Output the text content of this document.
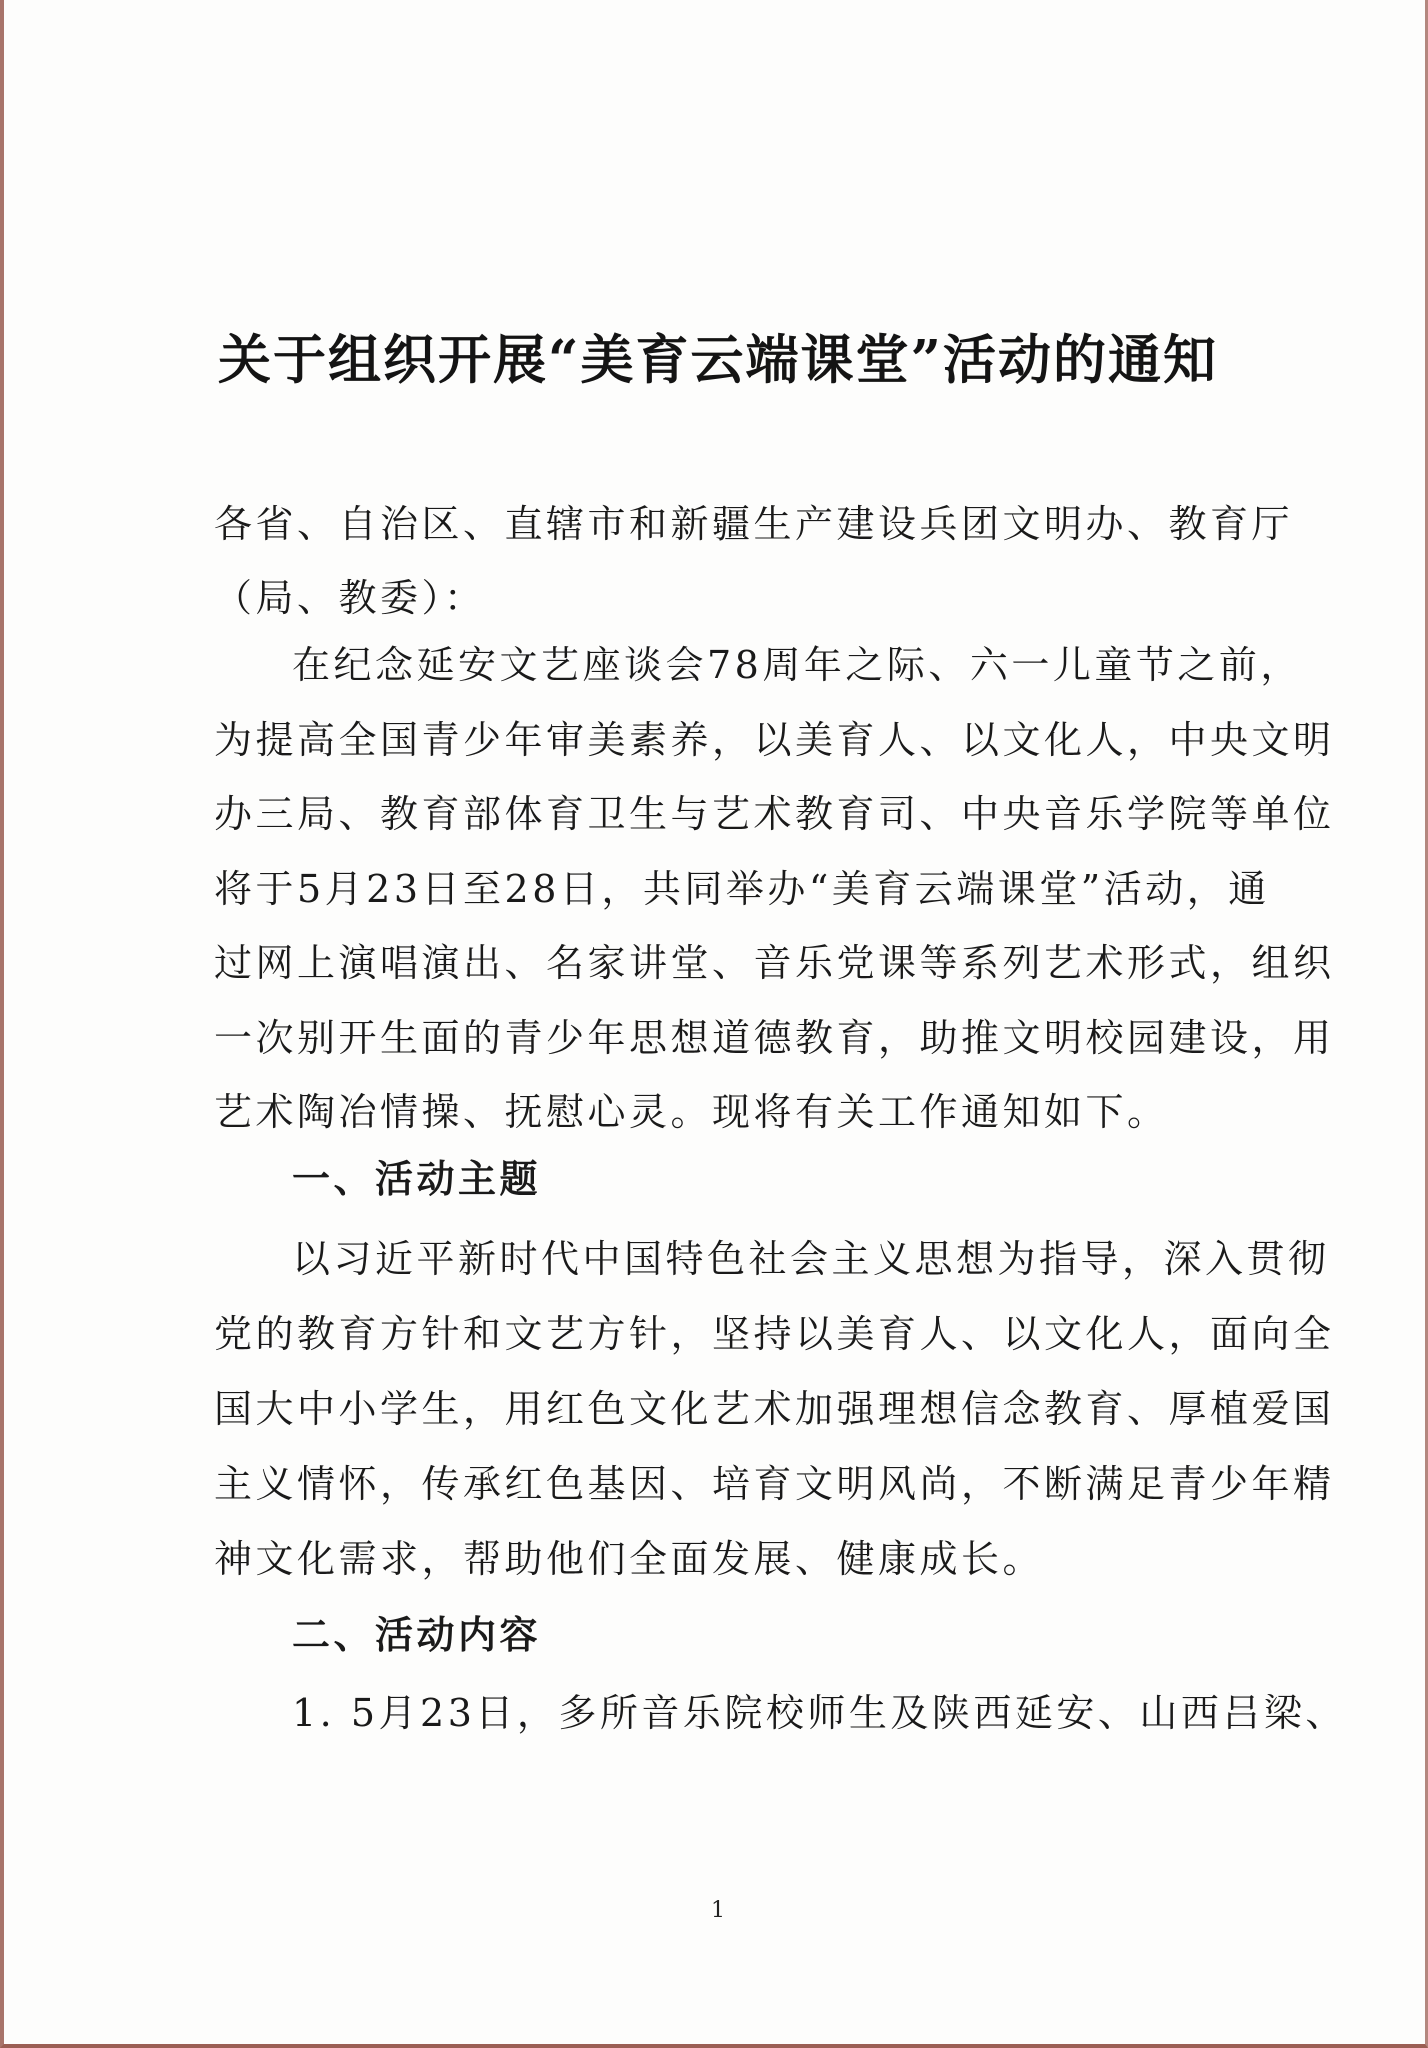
关于组织开展“美育云端课堂”活动的通知
各省、自治区、直辖市和新疆生产建设兵团文明办、教育厅
（局、教委）：
在纪念延安文艺座谈会78周年之际、六一儿童节之前，
为提高全国青少年审美素养，以美育人、以文化人，中央文明
办三局、教育部体育卫生与艺术教育司、中央音乐学院等单位
将于5月23日至28日，共同举办“美育云端课堂”活动，通
过网上演唱演出、名家讲堂、音乐党课等系列艺术形式，组织
一次别开生面的青少年思想道德教育，助推文明校园建设，用
艺术陶冶情操、抚慰心灵。现将有关工作通知如下。
一、活动主题
以习近平新时代中国特色社会主义思想为指导，深入贯彻
党的教育方针和文艺方针，坚持以美育人、以文化人，面向全
国大中小学生，用红色文化艺术加强理想信念教育、厚植爱国
主义情怀，传承红色基因、培育文明风尚，不断满足青少年精
神文化需求，帮助他们全面发展、健康成长。
二、活动内容
1. 5月23日，多所音乐院校师生及陕西延安、山西吕梁、
1
